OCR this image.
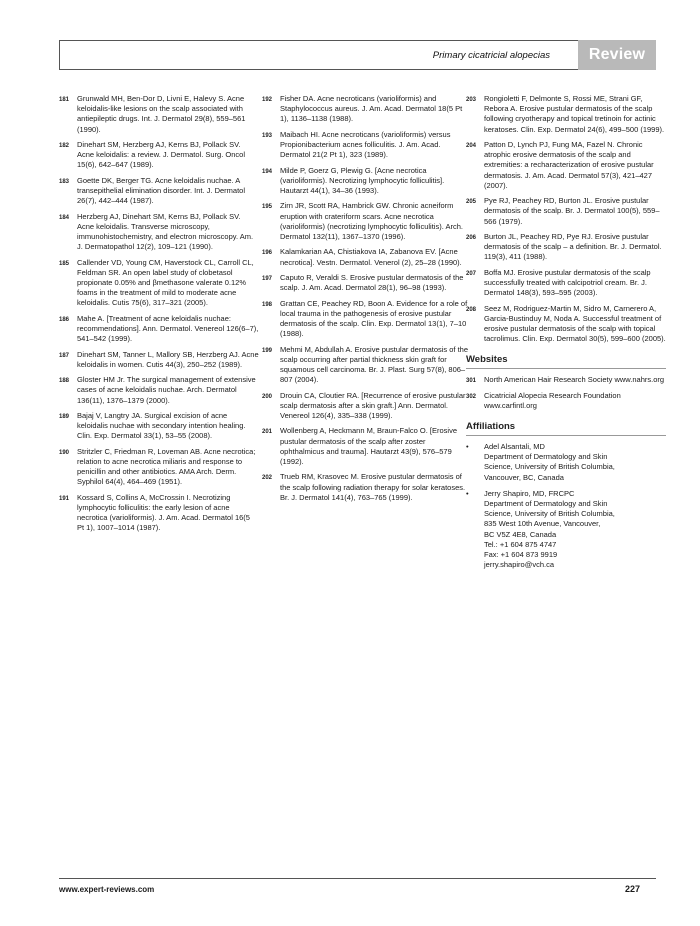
Primary cicatricial alopecias	Review
181	Grunwald MH, Ben-Dor D, Livni E, Halevy S. Acne keloidalis-like lesions on the scalp associated with antiepileptic drugs. Int. J. Dermatol 29(8), 559–561 (1990).
182	Dinehart SM, Herzberg AJ, Kerns BJ, Pollack SV. Acne keloidalis: a review. J. Dermatol. Surg. Oncol 15(6), 642–647 (1989).
183	Goette DK, Berger TG. Acne keloidalis nuchae. A transepithelial elimination disorder. Int. J. Dermatol 26(7), 442–444 (1987).
184	Herzberg AJ, Dinehart SM, Kerns BJ, Pollack SV. Acne keloidalis. Transverse microscopy, immunohistochemistry, and electron microscopy. Am. J. Dermatopathol 12(2), 109–121 (1990).
185	Callender VD, Young CM, Haverstock CL, Carroll CL, Feldman SR. An open label study of clobetasol propionate 0.05% and βmethasone valerate 0.12% foams in the treatment of mild to moderate acne keloidalis. Cutis 75(6), 317–321 (2005).
186	Mahe A. [Treatment of acne keloidalis nuchae: recommendations]. Ann. Dermatol. Venereol 126(6–7), 541–542 (1999).
187	Dinehart SM, Tanner L, Mallory SB, Herzberg AJ. Acne keloidalis in women. Cutis 44(3), 250–252 (1989).
188	Gloster HM Jr. The surgical management of extensive cases of acne keloidalis nuchae. Arch. Dermatol 136(11), 1376–1379 (2000).
189	Bajaj V, Langtry JA. Surgical excision of acne keloidalis nuchae with secondary intention healing. Clin. Exp. Dermatol 33(1), 53–55 (2008).
190	Stritzler C, Friedman R, Loveman AB. Acne necrotica; relation to acne necrotica miliaris and response to penicillin and other antibiotics. AMA Arch. Derm. Syphilol 64(4), 464–469 (1951).
191	Kossard S, Collins A, McCrossin I. Necrotizing lymphocytic folliculitis: the early lesion of acne necrotica (varioliformis). J. Am. Acad. Dermatol 16(5 Pt 1), 1007–1014 (1987).
192	Fisher DA. Acne necroticans (varioliformis) and Staphylococcus aureus. J. Am. Acad. Dermatol 18(5 Pt 1), 1136–1138 (1988).
193	Maibach HI. Acne necroticans (varioliformis) versus Propionibacterium acnes folliculitis. J. Am. Acad. Dermatol 21(2 Pt 1), 323 (1989).
194	Milde P, Goerz G, Plewig G. [Acne necrotica (varioliformis). Necrotizing lymphocytic folliculitis]. Hautarzt 44(1), 34–36 (1993).
195	Zirn JR, Scott RA, Hambrick GW. Chronic acneiform eruption with crateriform scars. Acne necrotica (varioliformis) (necrotizing lymphocytic folliculitis). Arch. Dermatol 132(11), 1367–1370 (1996).
196	Kalamkarian AA, Chistiakova IA, Zabanova EV. [Acne necrotica]. Vestn. Dermatol. Venerol (2), 25–28 (1990).
197	Caputo R, Veraldi S. Erosive pustular dermatosis of the scalp. J. Am. Acad. Dermatol 28(1), 96–98 (1993).
198	Grattan CE, Peachey RD, Boon A. Evidence for a role of local trauma in the pathogenesis of erosive pustular dermatosis of the scalp. Clin. Exp. Dermatol 13(1), 7–10 (1988).
199	Mehmi M, Abdullah A. Erosive pustular dermatosis of the scalp occurring after partial thickness skin graft for squamous cell carcinoma. Br. J. Plast. Surg 57(8), 806–807 (2004).
200	Drouin CA, Cloutier RA. [Recurrence of erosive pustular scalp dermatosis after a skin graft.] Ann. Dermatol. Venereol 126(4), 335–338 (1999).
201	Wollenberg A, Heckmann M, Braun-Falco O. [Erosive pustular dermatosis of the scalp after zoster ophthalmicus and trauma]. Hautarzt 43(9), 576–579 (1992).
202	Trueb RM, Krasovec M. Erosive pustular dermatosis of the scalp following radiation therapy for solar keratoses. Br. J. Dermatol 141(4), 763–765 (1999).
203	Rongioletti F, Delmonte S, Rossi ME, Strani GF, Rebora A. Erosive pustular dermatosis of the scalp following cryotherapy and topical tretinoin for actinic keratoses. Clin. Exp. Dermatol 24(6), 499–500 (1999).
204	Patton D, Lynch PJ, Fung MA, Fazel N. Chronic atrophic erosive dermatosis of the scalp and extremities: a recharacterization of erosive pustular dermatosis. J. Am. Acad. Dermatol 57(3), 421–427 (2007).
205	Pye RJ, Peachey RD, Burton JL. Erosive pustular dermatosis of the scalp. Br. J. Dermatol 100(5), 559–566 (1979).
206	Burton JL, Peachey RD, Pye RJ. Erosive pustular dermatosis of the scalp – a definition. Br. J. Dermatol. 119(3), 411 (1988).
207	Boffa MJ. Erosive pustular dermatosis of the scalp successfully treated with calcipotriol cream. Br. J. Dermatol 148(3), 593–595 (2003).
208	Seez M, Rodriguez-Martin M, Sidro M, Carnerero A, Garcia-Bustinduy M, Noda A. Successful treatment of erosive pustular dermatosis of the scalp with topical tacrolimus. Clin. Exp. Dermatol 30(5), 599–600 (2005).
Websites
301	North American Hair Research Society www.nahrs.org
302	Cicatricial Alopecia Research Foundation www.carfintl.org
Affiliations
•	Adel Alsantali, MD
Department of Dermatology and Skin
Science, University of British Columbia,
Vancouver, BC, Canada
•	Jerry Shapiro, MD, FRCPC
Department of Dermatology and Skin
Science, University of British Columbia,
835 West 10th Avenue, Vancouver,
BC V5Z 4E8, Canada
Tel.: +1 604 875 4747
Fax: +1 604 873 9919
jerry.shapiro@vch.ca
www.expert-reviews.com	227
